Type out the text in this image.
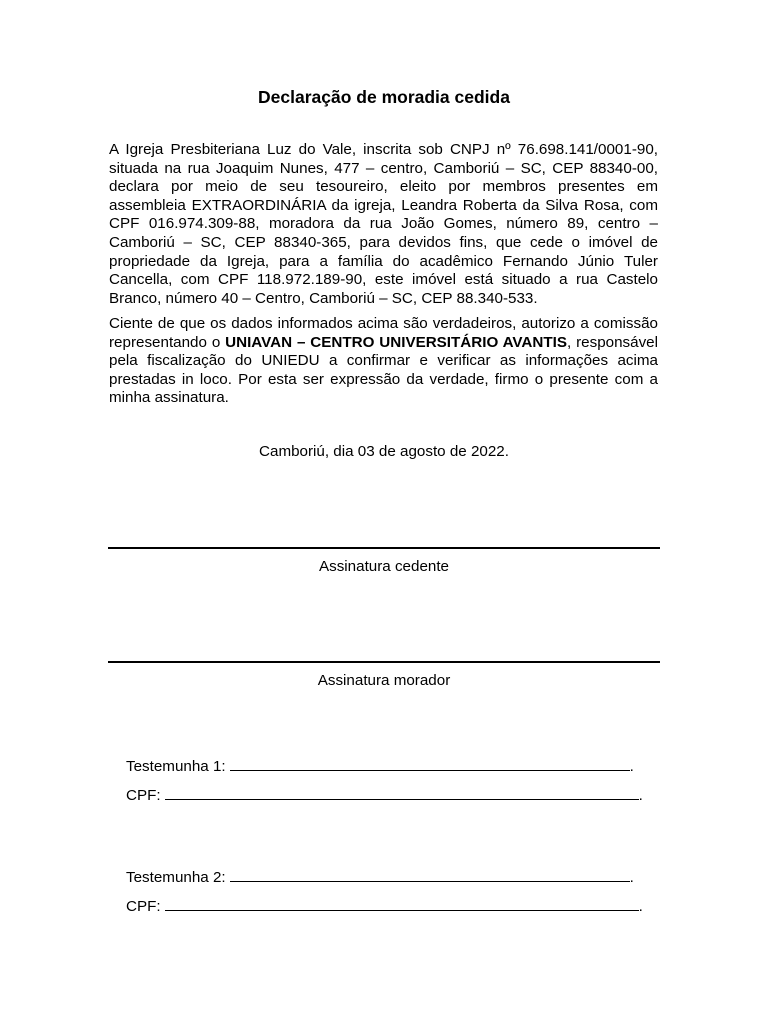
Declaração de moradia cedida

A Igreja Presbiteriana Luz do Vale, inscrita sob CNPJ nº 76.698.141/0001-90, situada na rua Joaquim Nunes, 477 – centro, Camboriú – SC, CEP 88340-00, declara por meio de seu tesoureiro, eleito por membros presentes em assembleia EXTRAORDINÁRIA da igreja, Leandra Roberta da Silva Rosa, com CPF 016.974.309-88, moradora da rua João Gomes, número 89, centro – Camboriú – SC, CEP 88340-365, para devidos fins, que cede o imóvel de propriedade da Igreja, para a família do acadêmico Fernando Júnio Tuler Cancella, com CPF 118.972.189-90, este imóvel está situado a rua Castelo Branco, número 40 – Centro, Camboriú – SC, CEP 88.340-533.

Ciente de que os dados informados acima são verdadeiros, autorizo a comissão representando o UNIAVAN – CENTRO UNIVERSITÁRIO AVANTIS, responsável pela fiscalização do UNIEDU a confirmar e verificar as informações acima prestadas in loco. Por esta ser expressão da verdade, firmo o presente com a minha assinatura.

Camboriú, dia 03 de agosto de 2022.
Assinatura cedente
Assinatura morador
Testemunha 1:	.
CPF:	.
Testemunha 2:	.
CPF:	.
